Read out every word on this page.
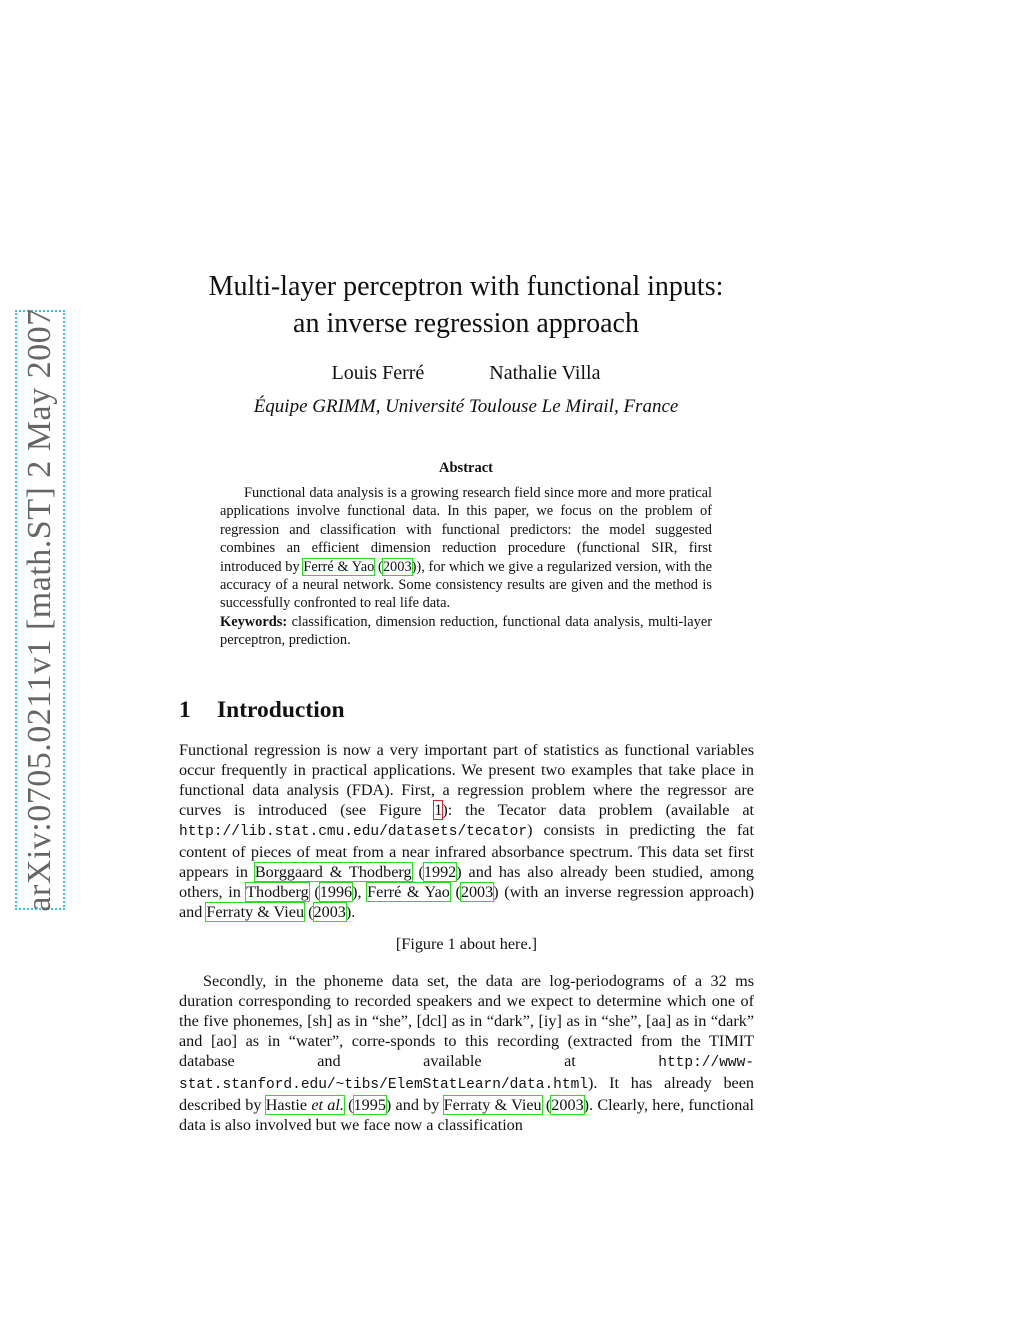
arXiv:0705.0211v1 [math.ST] 2 May 2007
Multi-layer perceptron with functional inputs:
an inverse regression approach
Louis Ferré	Nathalie Villa
Équipe GRIMM, Université Toulouse Le Mirail, France
Abstract

Functional data analysis is a growing research field since more and more pratical applications involve functional data. In this paper, we focus on the problem of regression and classification with functional predictors: the model suggested combines an efficient dimension reduction procedure (functional SIR, first introduced by Ferré & Yao (2003)), for which we give a regularized version, with the accuracy of a neural network. Some consistency results are given and the method is successfully confronted to real life data.

Keywords: classification, dimension reduction, functional data analysis, multi-layer perceptron, prediction.

1 Introduction

Functional regression is now a very important part of statistics as functional variables occur frequently in practical applications. We present two examples that take place in functional data analysis (FDA). First, a regression problem where the regressor are curves is introduced (see Figure 1): the Tecator data problem (available at http://lib.stat.cmu.edu/datasets/tecator) consists in predicting the fat content of pieces of meat from a near infrared absorbance spectrum. This data set first appears in Borggaard & Thodberg (1992) and has also already been studied, among others, in Thodberg (1996), Ferré & Yao (2003) (with an inverse regression approach) and Ferraty & Vieu (2003).

[Figure 1 about here.]

Secondly, in the phoneme data set, the data are log-periodograms of a 32 ms duration corresponding to recorded speakers and we expect to determine which one of the five phonemes, [sh] as in “she”, [dcl] as in “dark”, [iy] as in “she”, [aa] as in “dark” and [ao] as in “water”, corre-sponds to this recording (extracted from the TIMIT database and available at http://www-stat.stanford.edu/~tibs/ElemStatLearn/data.html). It has already been described by Hastie et al. (1995) and by Ferraty & Vieu (2003). Clearly, here, functional data is also involved but we face now a classification
